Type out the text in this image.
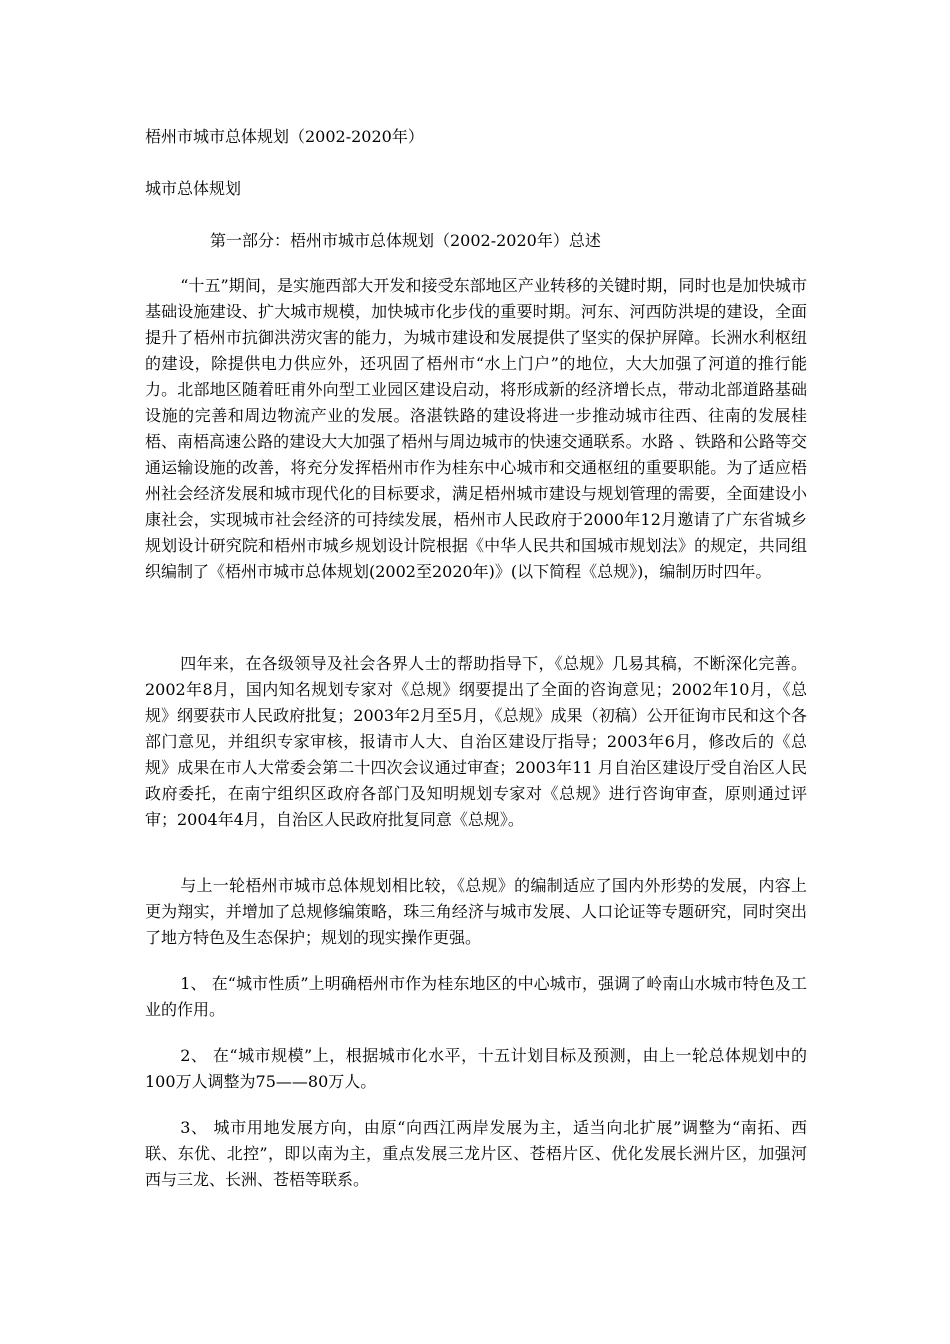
梧州市城市总体规划（2002-2020年）
城市总体规划
第一部分：梧州市城市总体规划（2002-2020年）总述

“十五”期间，是实施西部大开发和接受东部地区产业转移的关键时期，同时也是加快城市基础设施建设、扩大城市规模，加快城市化步伐的重要时期。河东、河西防洪堤的建设，全面提升了梧州市抗御洪涝灾害的能力，为城市建设和发展提供了坚实的保护屏障。长洲水利枢纽的建设，除提供电力供应外，还巩固了梧州市“水上门户”的地位，大大加强了河道的推行能力。北部地区随着旺甫外向型工业园区建设启动，将形成新的经济增长点，带动北部道路基础设施的完善和周边物流产业的发展。洛湛铁路的建设将进一步推动城市往西、往南的发展桂梧、南梧高速公路的建设大大加强了梧州与周边城市的快速交通联系。水路 、铁路和公路等交通运输设施的改善，将充分发挥梧州市作为桂东中心城市和交通枢纽的重要职能。为了适应梧州社会经济发展和城市现代化的目标要求，满足梧州城市建设与规划管理的需要，全面建设小康社会，实现城市社会经济的可持续发展，梧州市人民政府于2000年12月邀请了广东省城乡规划设计研究院和梧州市城乡规划设计院根据《中华人民共和国城市规划法》的规定，共同组织编制了《梧州市城市总体规划(2002至2020年)》(以下简程《总规》)，编制历时四年。

四年来，在各级领导及社会各界人士的帮助指导下，《总规》几易其稿，不断深化完善。2002年8月，国内知名规划专家对《总规》纲要提出了全面的咨询意见；2002年10月，《总规》纲要获市人民政府批复；2003年2月至5月，《总规》成果（初稿）公开征询市民和这个各部门意见，并组织专家审核，报请市人大、自治区建设厅指导；2003年6月，修改后的《总规》成果在市人大常委会第二十四次会议通过审查；2003年11 月自治区建设厅受自治区人民政府委托，在南宁组织区政府各部门及知明规划专家对《总规》进行咨询审查，原则通过评审；2004年4月，自治区人民政府批复同意《总规》。

与上一轮梧州市城市总体规划相比较，《总规》的编制适应了国内外形势的发展，内容上更为翔实，并增加了总规修编策略，珠三角经济与城市发展、人口论证等专题研究，同时突出了地方特色及生态保护；规划的现实操作更强。

1、 在“城市性质”上明确梧州市作为桂东地区的中心城市，强调了岭南山水城市特色及工业的作用。

2、 在“城市规模”上，根据城市化水平，十五计划目标及预测，由上一轮总体规划中的100万人调整为75——80万人。

3、 城市用地发展方向，由原“向西江两岸发展为主，适当向北扩展”调整为“南拓、西联、东优、北控”，即以南为主，重点发展三龙片区、苍梧片区、优化发展长洲片区，加强河西与三龙、长洲、苍梧等联系。
